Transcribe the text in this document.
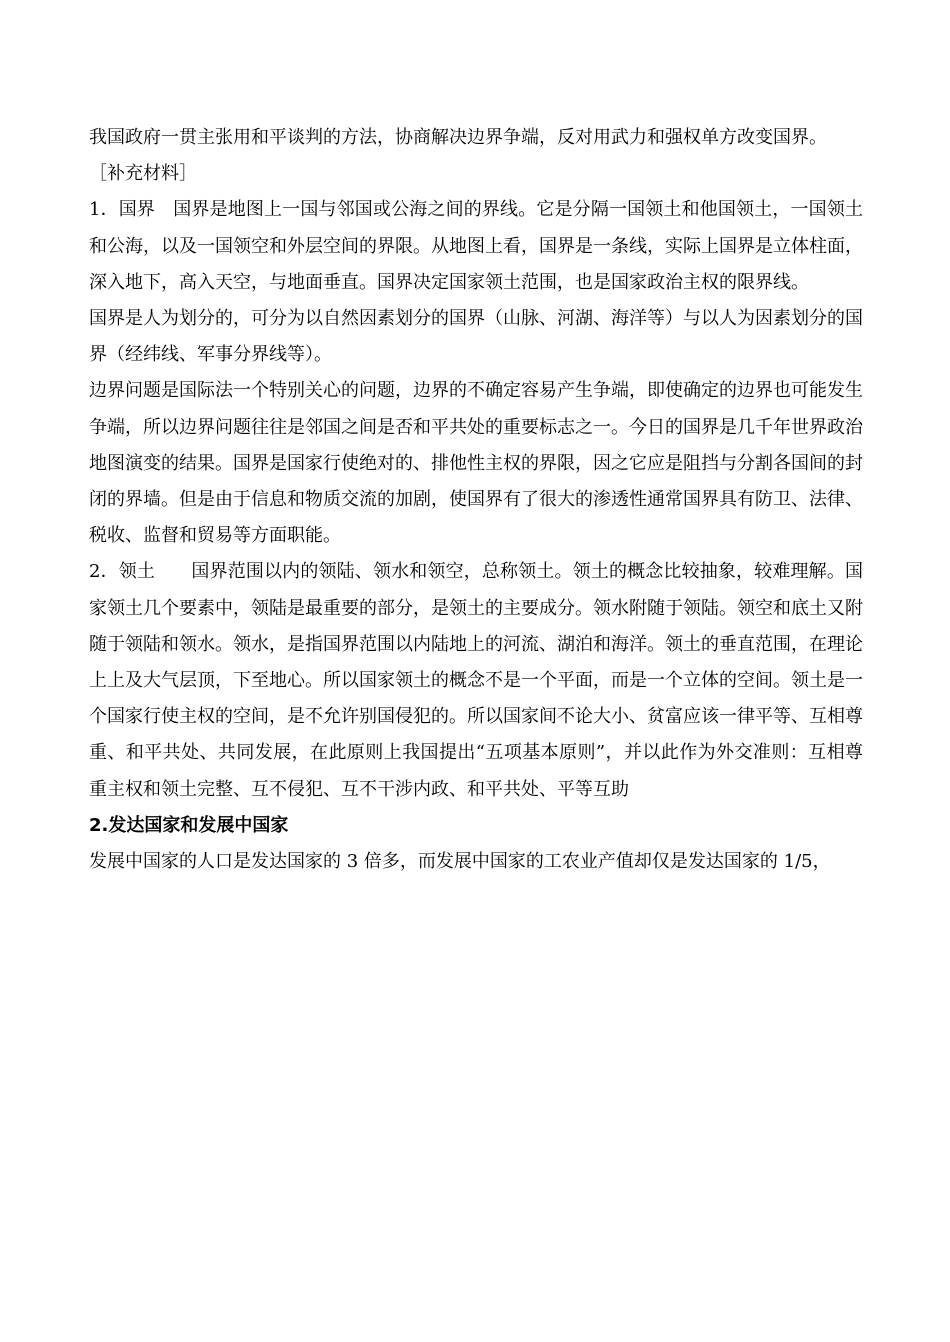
我国政府一贯主张用和平谈判的方法，协商解决边界争端，反对用武力和强权单方改变国界。

［补充材料］

1．国界　国界是地图上一国与邻国或公海之间的界线。它是分隔一国领土和他国领土，一国领土和公海，以及一国领空和外层空间的界限。从地图上看，国界是一条线，实际上国界是立体柱面，深入地下，高入天空，与地面垂直。国界决定国家领土范围，也是国家政治主权的限界线。

国界是人为划分的，可分为以自然因素划分的国界（山脉、河湖、海洋等）与以人为因素划分的国界（经纬线、军事分界线等）。

边界问题是国际法一个特别关心的问题，边界的不确定容易产生争端，即使确定的边界也可能发生争端，所以边界问题往往是邻国之间是否和平共处的重要标志之一。今日的国界是几千年世界政治地图演变的结果。国界是国家行使绝对的、排他性主权的界限，因之它应是阻挡与分割各国间的封闭的界墙。但是由于信息和物质交流的加剧，使国界有了很大的渗透性通常国界具有防卫、法律、税收、监督和贸易等方面职能。

2．领土　　国界范围以内的领陆、领水和领空，总称领土。领土的概念比较抽象，较难理解。国家领土几个要素中，领陆是最重要的部分，是领土的主要成分。领水附随于领陆。领空和底土又附随于领陆和领水。领水，是指国界范围以内陆地上的河流、湖泊和海洋。领土的垂直范围，在理论上上及大气层顶，下至地心。所以国家领土的概念不是一个平面，而是一个立体的空间。领土是一个国家行使主权的空间，是不允许别国侵犯的。所以国家间不论大小、贫富应该一律平等、互相尊重、和平共处、共同发展，在此原则上我国提出“五项基本原则”，并以此作为外交准则：互相尊重主权和领土完整、互不侵犯、互不干涉内政、和平共处、平等互助

2.发达国家和发展中国家

发展中国家的人口是发达国家的 3 倍多，而发展中国家的工农业产值却仅是发达国家的 1/5，
